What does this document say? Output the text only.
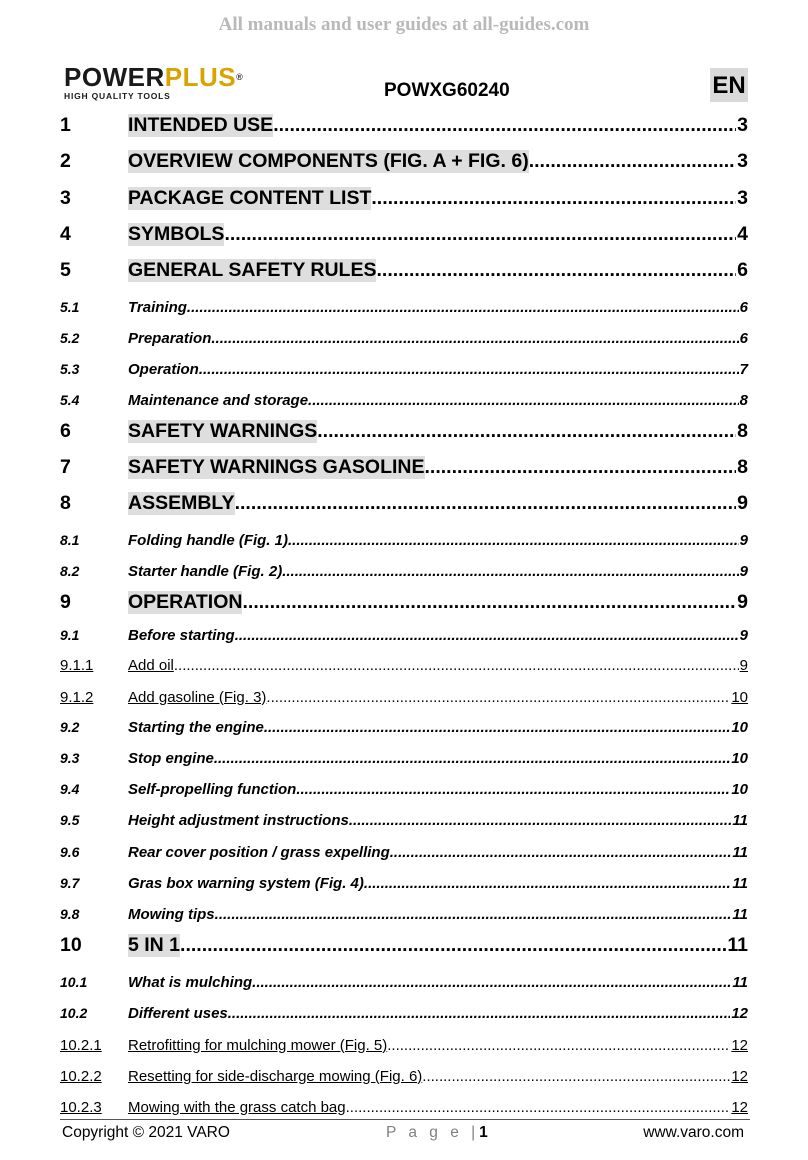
All manuals and user guides at all-guides.com
POWERPLUS®
HIGH QUALITY TOOLS	POWXG60240	EN
1	INTENDED USE .....	3
2	OVERVIEW COMPONENTS (FIG. A + FIG. 6) .....	3
3	PACKAGE CONTENT LIST .....	3
4	SYMBOLS .....	4
5	GENERAL SAFETY RULES .....	6
5.1	Training .....	6
5.2	Preparation .....	6
5.3	Operation .....	7
5.4	Maintenance and storage .....	8
6	SAFETY WARNINGS .....	8
7	SAFETY WARNINGS GASOLINE .....	8
8	ASSEMBLY .....	9
8.1	Folding handle (Fig. 1) .....	9
8.2	Starter handle (Fig. 2) .....	9
9	OPERATION .....	9
9.1	Before starting .....	9
9.1.1	Add oil .....	9
9.1.2	Add gasoline (Fig. 3) .....	10
9.2	Starting the engine .....	10
9.3	Stop engine .....	10
9.4	Self-propelling function .....	10
9.5	Height adjustment instructions .....	11
9.6	Rear cover position / grass expelling .....	11
9.7	Gras box warning system (Fig. 4) .....	11
9.8	Mowing tips .....	11
10	5 IN 1 .....	11
10.1	What is mulching .....	11
10.2	Different uses .....	12
10.2.1	Retrofitting for mulching mower (Fig. 5) .....	12
10.2.2	Resetting for side-discharge mowing (Fig. 6) .....	12
10.2.3	Mowing with the grass catch bag .....	12
Copyright © 2021 VARO	P a g e |1	www.varo.com
